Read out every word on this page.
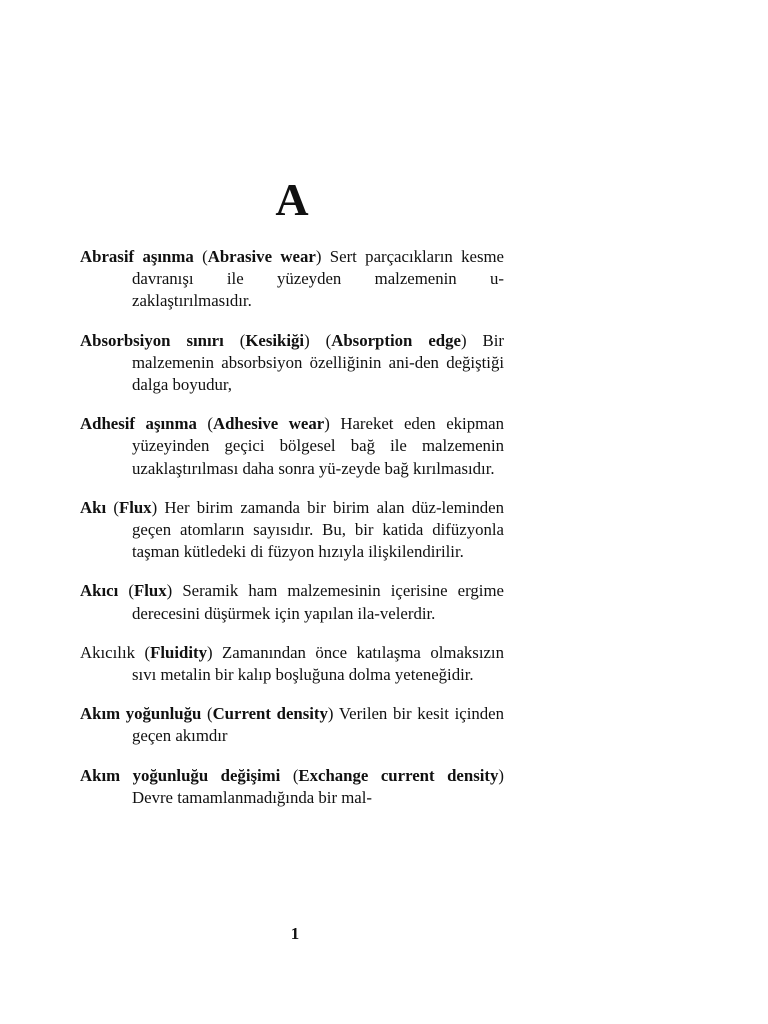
A
Abrasif aşınma (Abrasive wear) Sert parçacıkların kesme davranışı ile yüzeyden malzemenin u-zaklaştırılmasıdır.
Absorbsiyon sınırı (Kesikiği) (Absorption edge) Bir malzemenin absorbsiyon özelliğinin ani-den değiştiği dalga boyudur,
Adhesif aşınma (Adhesive wear) Hareket eden ekipman yüzeyinden geçici bölgesel bağ ile malzemenin uzaklaştırılması daha sonra yü-zeyde bağ kırılmasıdır.
Akı (Flux) Her birim zamanda bir birim alan düz-leminden geçen atomların sayısıdır. Bu, bir katida difüzyonla taşman kütledeki di füzyon hızıyla ilişkilendirilir.
Akıcı (Flux) Seramik ham malzemesinin içerisine ergime derecesini düşürmek için yapılan ila-velerdir.
Akıcılık (Fluidity) Zamanından önce katılaşma olmaksızın sıvı metalin bir kalıp boşluğuna dolma yeteneğidir.
Akım yoğunluğu (Current density) Verilen bir kesit içinden geçen akımdır
Akım yoğunluğu değişimi (Exchange current density) Devre tamamlanmadığında bir mal-
1
